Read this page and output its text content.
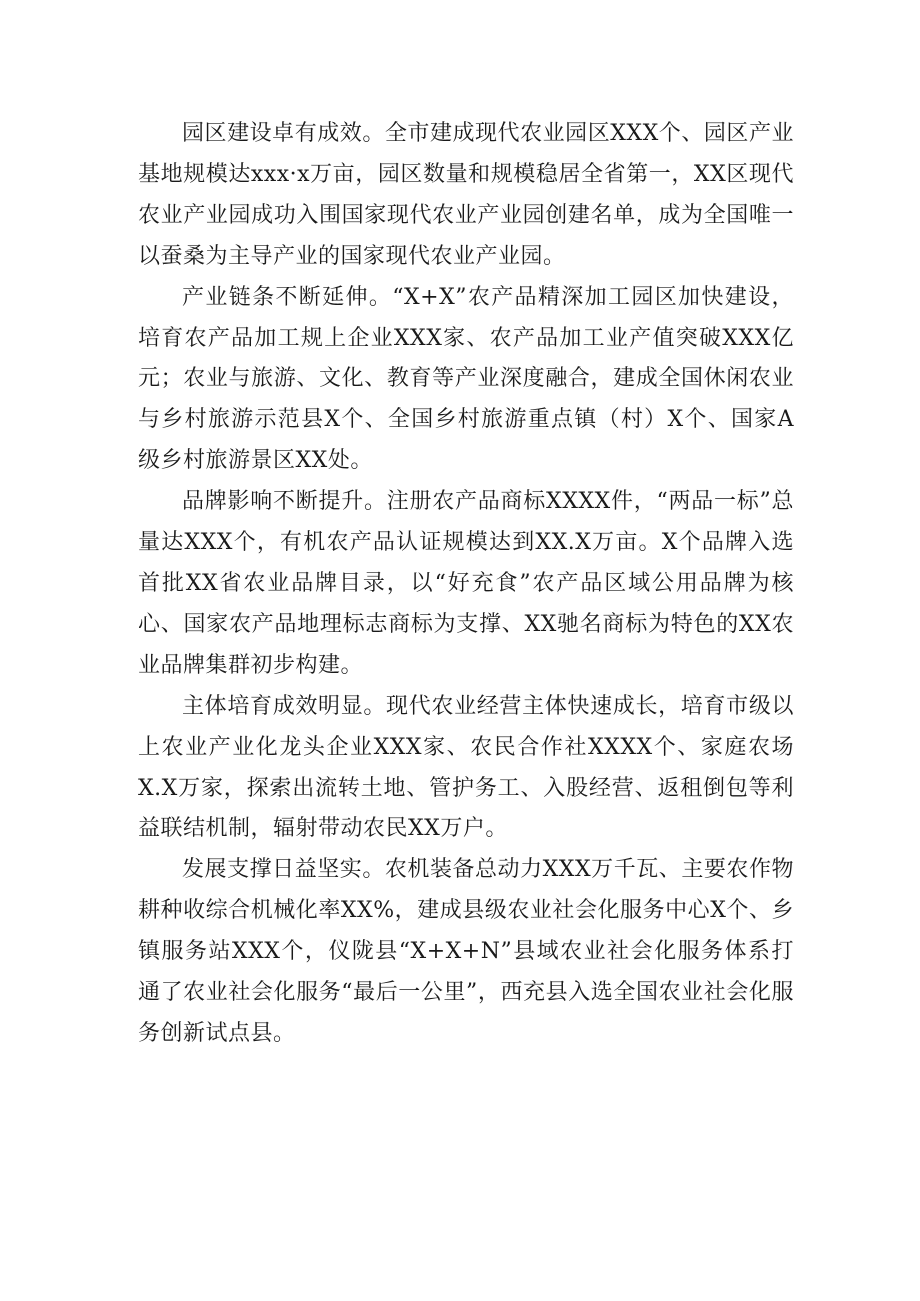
园区建设卓有成效。全市建成现代农业园区XXX个、园区产业基地规模达xxx·x万亩，园区数量和规模稳居全省第一，XX区现代农业产业园成功入围国家现代农业产业园创建名单，成为全国唯一以蚕桑为主导产业的国家现代农业产业园。

产业链条不断延伸。“X+X”农产品精深加工园区加快建设，培育农产品加工规上企业XXX家、农产品加工业产值突破XXX亿元；农业与旅游、文化、教育等产业深度融合，建成全国休闲农业与乡村旅游示范县X个、全国乡村旅游重点镇（村）X个、国家A级乡村旅游景区XX处。

品牌影响不断提升。注册农产品商标XXXX件，“两品一标”总量达XXX个，有机农产品认证规模达到XX.X万亩。X个品牌入选首批XX省农业品牌目录，以“好充食”农产品区域公用品牌为核心、国家农产品地理标志商标为支撑、XX驰名商标为特色的XX农业品牌集群初步构建。

主体培育成效明显。现代农业经营主体快速成长，培育市级以上农业产业化龙头企业XXX家、农民合作社XXXX个、家庭农场X.X万家，探索出流转土地、管护务工、入股经营、返租倒包等利益联结机制，辐射带动农民XX万户。

发展支撑日益坚实。农机装备总动力XXX万千瓦、主要农作物耕种收综合机械化率XX%，建成县级农业社会化服务中心X个、乡镇服务站XXX个，仪陇县“X+X+N”县域农业社会化服务体系打通了农业社会化服务“最后一公里”，西充县入选全国农业社会化服务创新试点县。
